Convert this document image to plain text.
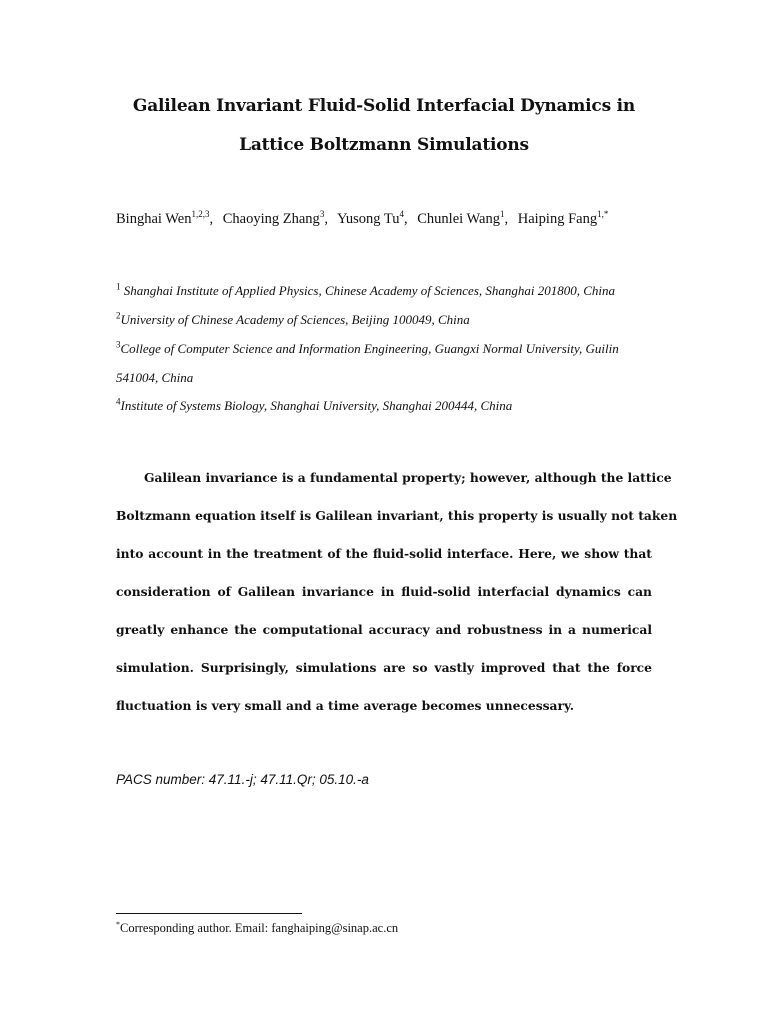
Galilean Invariant Fluid-Solid Interfacial Dynamics in
Lattice Boltzmann Simulations
Binghai Wen$^{1,2,3}$, Chaoying Zhang$^3$, Yusong Tu$^4$, Chunlei Wang$^1$, Haiping Fang$^{1,*}$
$^1$ Shanghai Institute of Applied Physics, Chinese Academy of Sciences, Shanghai 201800, China
$^2$University of Chinese Academy of Sciences, Beijing 100049, China
$^3$College of Computer Science and Information Engineering, Guangxi Normal University, Guilin
541004, China
$^4$Institute of Systems Biology, Shanghai University, Shanghai 200444, China
Galilean invariance is a fundamental property; however, although the lattice
Boltzmann equation itself is Galilean invariant, this property is usually not taken
into account in the treatment of the fluid-solid interface. Here, we show that
consideration of Galilean invariance in fluid-solid interfacial dynamics can
greatly enhance the computational accuracy and robustness in a numerical
simulation. Surprisingly, simulations are so vastly improved that the force
fluctuation is very small and a time average becomes unnecessary.
PACS number: 47.11.-j; 47.11.Qr; 05.10.-a
*Corresponding author. Email: fanghaiping@sinap.ac.cn
